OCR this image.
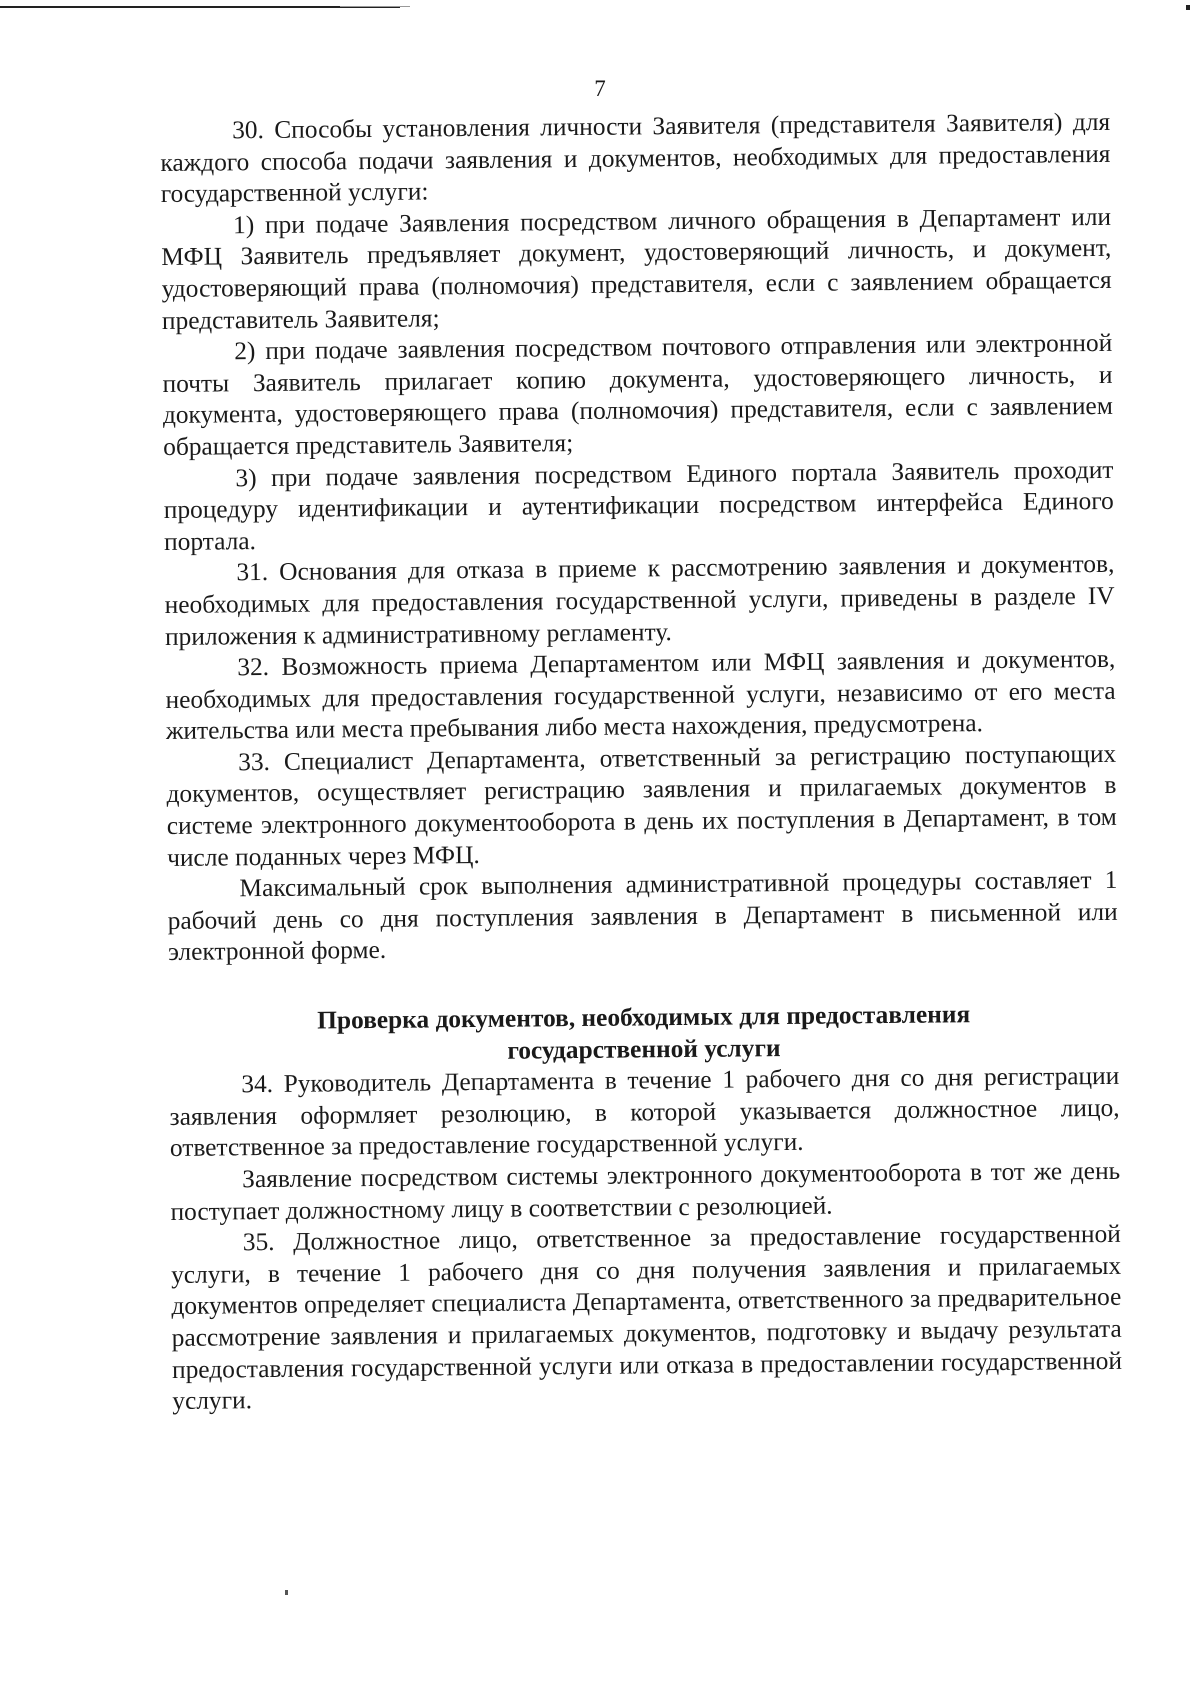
7

30. Способы установления личности Заявителя (представителя Заявителя) для каждого способа подачи заявления и документов, необходимых для предоставления государственной услуги:

1) при подаче Заявления посредством личного обращения в Департамент или МФЦ Заявитель предъявляет документ, удостоверяющий личность, и документ, удостоверяющий права (полномочия) представителя, если с заявлением обращается представитель Заявителя;

2) при подаче заявления посредством почтового отправления или электронной почты Заявитель прилагает копию документа, удостоверяющего личность, и документа, удостоверяющего права (полномочия) представителя, если с заявлением обращается представитель Заявителя;

3) при подаче заявления посредством Единого портала Заявитель проходит процедуру идентификации и аутентификации посредством интерфейса Единого портала.

31. Основания для отказа в приеме к рассмотрению заявления и документов, необходимых для предоставления государственной услуги, приведены в разделе IV приложения к административному регламенту.

32. Возможность приема Департаментом или МФЦ заявления и документов, необходимых для предоставления государственной услуги, независимо от его места жительства или места пребывания либо места нахождения, предусмотрена.

33. Специалист Департамента, ответственный за регистрацию поступающих документов, осуществляет регистрацию заявления и прилагаемых документов в системе электронного документооборота в день их поступления в Департамент, в том числе поданных через МФЦ.

Максимальный срок выполнения административной процедуры составляет 1 рабочий день со дня поступления заявления в Департамент в письменной или электронной форме.

Проверка документов, необходимых для предоставления
государственной услуги

34. Руководитель Департамента в течение 1 рабочего дня со дня регистрации заявления оформляет резолюцию, в которой указывается должностное лицо, ответственное за предоставление государственной услуги.

Заявление посредством системы электронного документооборота в тот же день поступает должностному лицу в соответствии с резолюцией.

35. Должностное лицо, ответственное за предоставление государственной услуги, в течение 1 рабочего дня со дня получения заявления и прилагаемых документов определяет специалиста Департамента, ответственного за предварительное рассмотрение заявления и прилагаемых документов, подготовку и выдачу результата предоставления государственной услуги или отказа в предоставлении государственной услуги.
